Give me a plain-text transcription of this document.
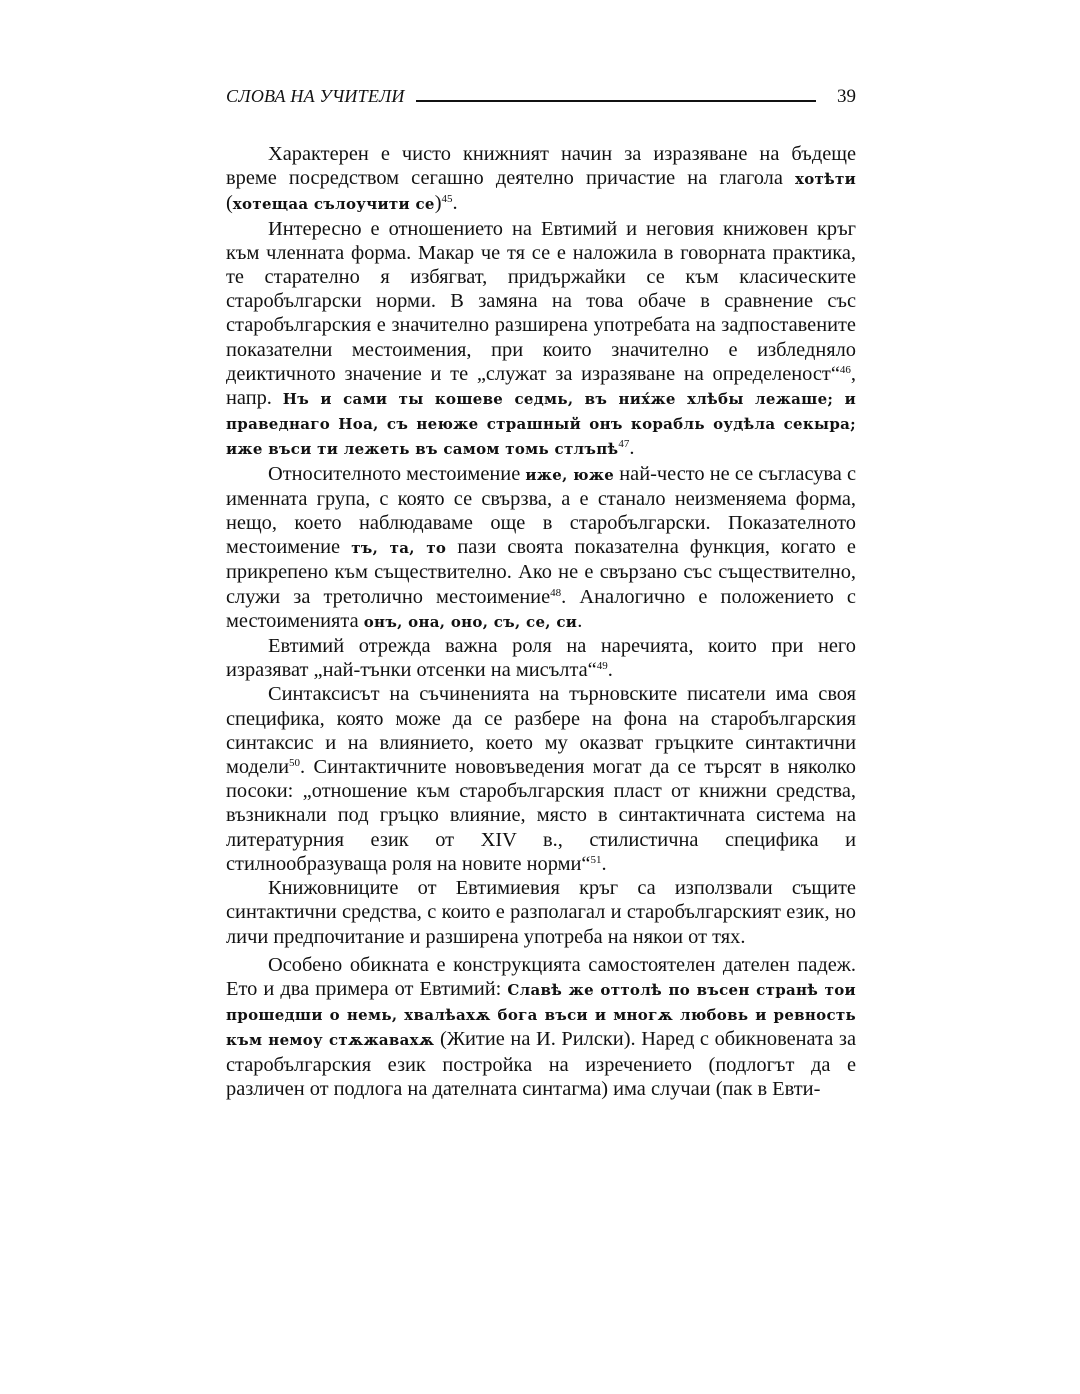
СЛОВА НА УЧИТЕЛИ	39

Характерен е чисто книжният начин за изразяване на бъдеще време посредством сегашно деятелно причастие на глагола хотѣти (хотещаа сълоучити се)$^{45}$.

Интересно е отношението на Евтимий и неговия книжовен кръг към членната форма. Макар че тя се е наложила в говорната практика, те старателно я избягват, придържайки се към класическите старобългарски норми. В замяна на това обаче в сравнение със старобългарския е значително разширена употребата на задпоставените показателни местоимения, при които значително е избледняло деиктичното значение и те „служат за изразяване на определеност“$^{46}$, напр. Нъ и сами ты кошеве седмь, въ них́же хлѣбы лежаше; и праведнаго Ноа, съ неюже страшный онъ корабль оудѣла секыра; иже въси ти лежеть въ самом томь стлъпѣ$^{47}$.

Относителното местоимение иже, юже най-често не се съгласува с именната група, с която се свързва, а е станало неизменяема форма, нещо, което наблюдаваме още в старобългарски. Показателното местоимение тъ, та, то пази своята показателна функция, когато е прикрепено към съществително. Ако не е свързано със съществително, служи за третолично местоимение$^{48}$. Аналогично е положението с местоименията онъ, она, оно, съ, се, си.

Евтимий отрежда важна роля на наречията, които при него изразяват „най-тънки отсенки на мисълта“$^{49}$.

Синтаксисът на съчиненията на търновските писатели има своя специфика, която може да се разбере на фона на старобългарския синтаксис и на влиянието, което му оказват гръцките синтактични модели$^{50}$. Синтактичните нововъведения могат да се търсят в няколко посоки: „отношение към старобългарския пласт от книжни средства, възникнали под гръцко влияние, място в синтактичната система на литературния език от XIV в., стилистична специфика и стилнообразуваща роля на новите норми“$^{51}$.

Книжовниците от Евтимиевия кръг са използвали същите синтактични средства, с които е разполагал и старобългарският език, но личи предпочитание и разширена употреба на някои от тях.

Особено обикната е конструкцията самостоятелен дателен падеж. Ето и два примера от Евтимий: Славѣ же оттолѣ по въсен странѣ тои прошедши о немь, хвалѣахѫ бога въси и многѫ любовь и ревность към немоу стѫжавахѫ (Житие на И. Рилски). Наред с обикновената за старобългарския език постройка на изречението (подлогът да е различен от подлога на дателната синтагма) има случаи (пак в Евти-
